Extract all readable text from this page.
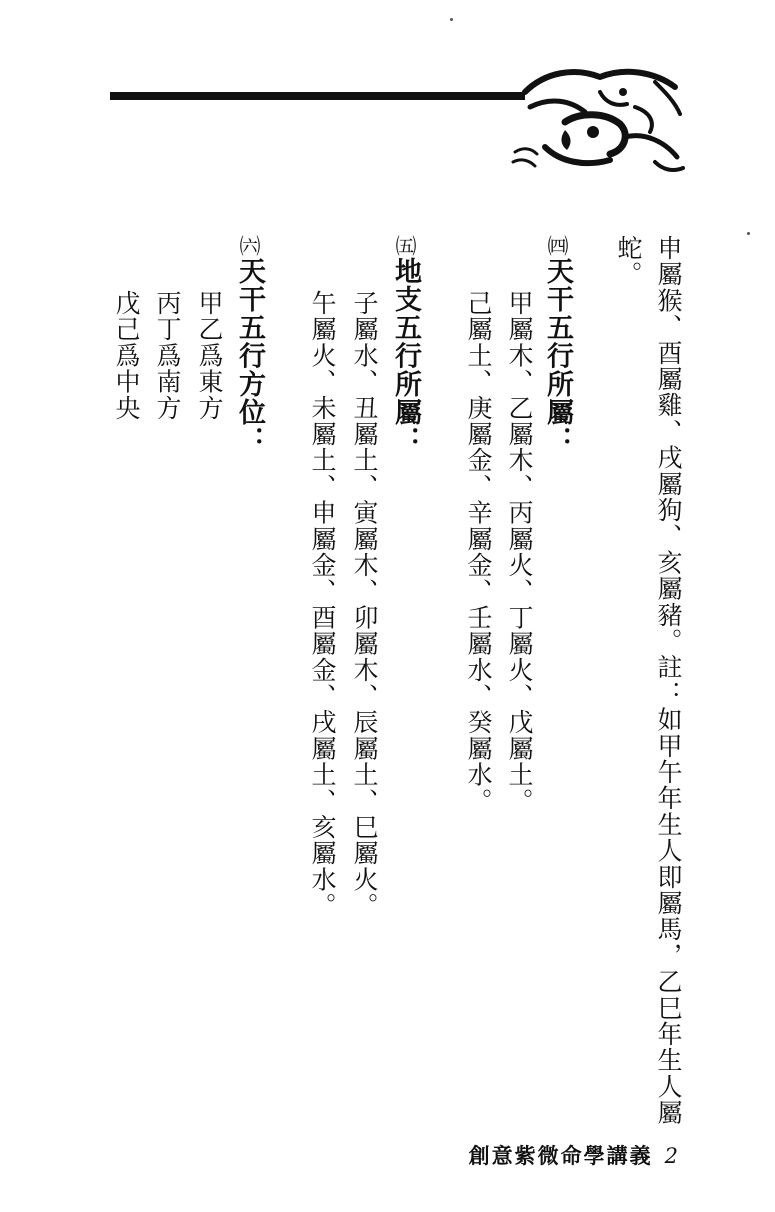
申屬猴、酉屬雞、戌屬狗、亥屬豬。註：如甲午年生人即屬馬，乙巳年生人屬
蛇。
㈣天干五行所屬：
甲屬木、乙屬木、丙屬火、丁屬火、戊屬土。
己屬土、庚屬金、辛屬金、壬屬水、癸屬水。
㈤地支五行所屬：
子屬水、丑屬土、寅屬木、卯屬木、辰屬土、巳屬火。
午屬火、未屬土、申屬金、酉屬金、戌屬土、亥屬水。
㈥天干五行方位：
甲乙爲東方
丙丁爲南方
戊己爲中央
創意紫微命學講義 2
